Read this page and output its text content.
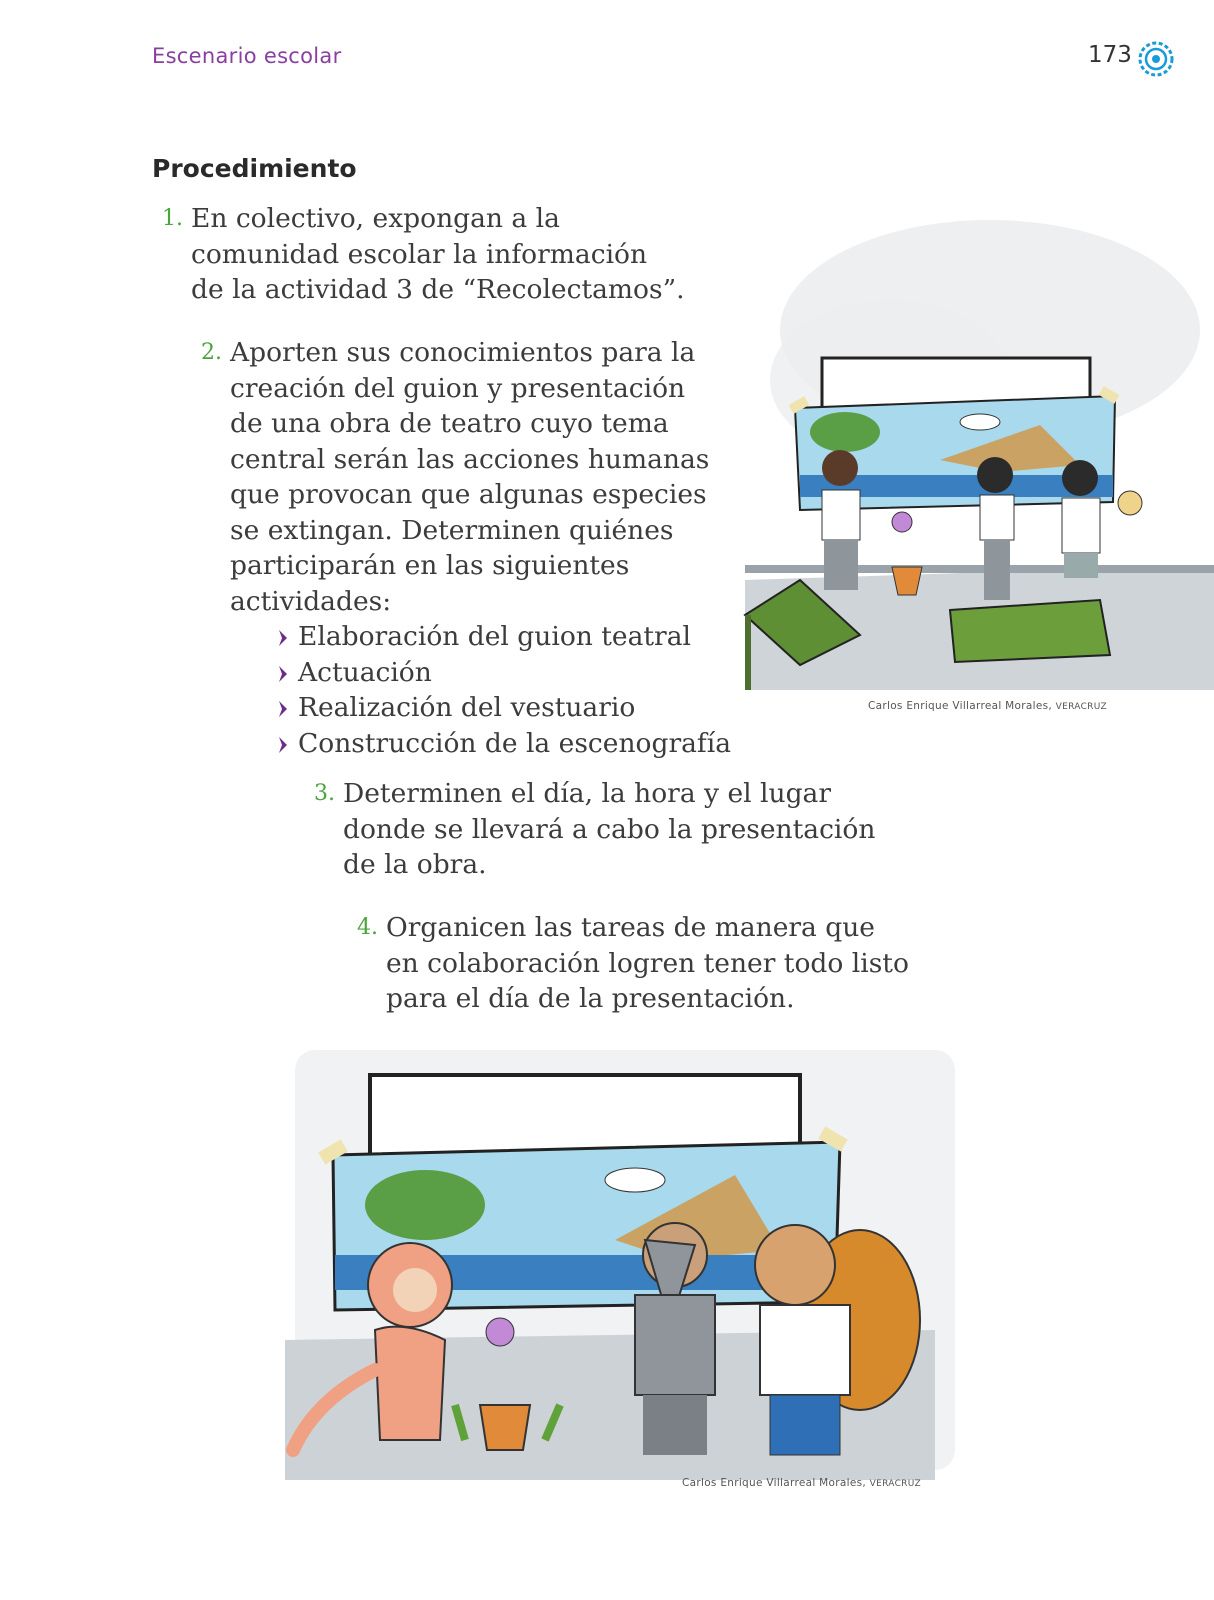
Escenario escolar	173
Procedimiento
1. En colectivo, expongan a la
comunidad escolar la información
de la actividad 3 de “Recolectamos”.
2. Aporten sus conocimientos para la
creación del guion y presentación
de una obra de teatro cuyo tema
central serán las acciones humanas
que provocan que algunas especies
se extingan. Determinen quiénes
participarán en las siguientes
actividades:
Elaboración del guion teatral
Actuación
Realización del vestuario
Construcción de la escenografía
3. Determinen el día, la hora y el lugar
donde se llevará a cabo la presentación
de la obra.
4. Organicen las tareas de manera que
en colaboración logren tener todo listo
para el día de la presentación.
Carlos Enrique Villarreal Morales, VERACRUZ
Carlos Enrique Villarreal Morales, VERACRUZ
